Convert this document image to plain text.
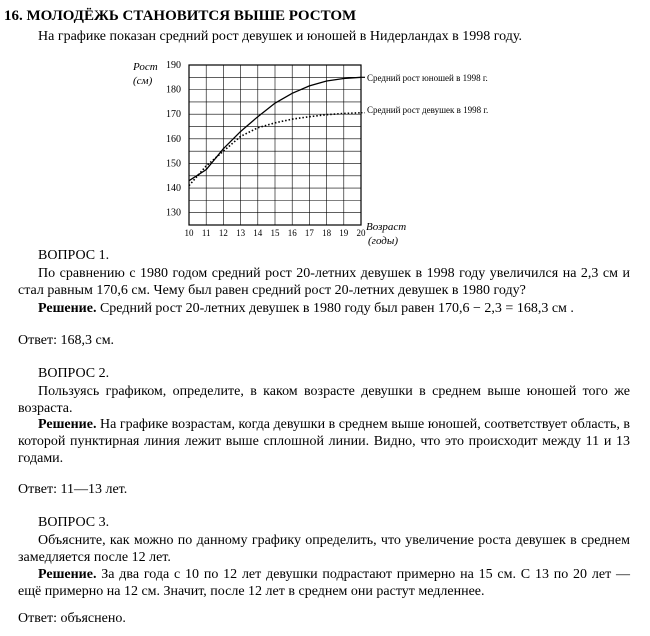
16. МОЛОДЁЖЬ СТАНОВИТСЯ ВЫШЕ РОСТОМ
На графике показан средний рост девушек и юношей в Нидерландах в 1998 году.
130
140
150
160
170
180
190
10 11 12 13 14 15 16 17 18 19 20
Рост
(см)
Возраст
(годы)
Средний рост юношей в 1998 г.
Средний рост девушек в 1998 г.
ВОПРОС 1.
По сравнению с 1980 годом средний рост 20-летних девушек в 1998 году увеличился на 2,3 см и стал равным 170,6 см. Чему был равен средний рост 20-летних девушек в 1980 году?
Решение. Средний рост 20-летних девушек в 1980 году был равен 170,6 − 2,3 = 168,3 см .
Ответ: 168,3 см.
ВОПРОС 2.
Пользуясь графиком, определите, в каком возрасте девушки в среднем выше юношей того же возраста.
Решение. На графике возрастам, когда девушки в среднем выше юношей, соответствует область, в которой пунктирная линия лежит выше сплошной линии. Видно, что это происходит между 11 и 13 годами.
Ответ: 11—13 лет.
ВОПРОС 3.
Объясните, как можно по данному графику определить, что увеличение роста девушек в среднем замедляется после 12 лет.
Решение. За два года с 10 по 12 лет девушки подрастают примерно на 15 см. С 13 по 20 лет — ещё примерно на 12 см. Значит, после 12 лет в среднем они растут медленнее.
Ответ: объяснено.
